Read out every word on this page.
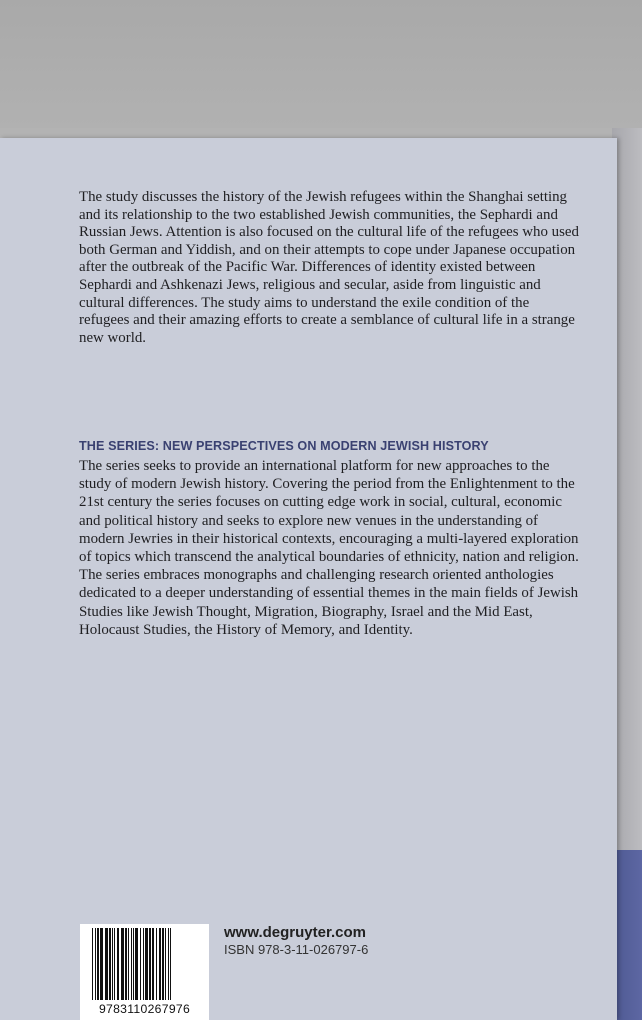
The study discusses the history of the Jewish refugees within the Shanghai setting and its relationship to the two established Jewish communities, the Sephardi and Russian Jews. Attention is also focused on the cultural life of the refugees who used both German and Yiddish, and on their attempts to cope under Japanese occupation after the outbreak of the Pacific War. Differences of identity existed between Sephardi and Ashkenazi Jews, religious and secular, aside from linguistic and cultural differences. The study aims to understand the exile condition of the refugees and their amazing efforts to create a semblance of cultural life in a strange new world.

THE SERIES: NEW PERSPECTIVES ON MODERN JEWISH HISTORY

The series seeks to provide an international platform for new approaches to the study of modern Jewish history. Covering the period from the Enlightenment to the 21st century the series focuses on cutting edge work in social, cultural, economic and political history and seeks to explore new venues in the understanding of modern Jewries in their historical contexts, encouraging a multi-layered exploration of topics which transcend the analytical boundaries of ethnicity, nation and religion. The series embraces monographs and challenging research oriented anthologies dedicated to a deeper understanding of essential themes in the main fields of Jewish Studies like Jewish Thought, Migration, Biography, Israel and the Mid East, Holocaust Studies, the History of Memory, and Identity.

9783110267976
www.degruyter.com
ISBN 978-3-11-026797-6
